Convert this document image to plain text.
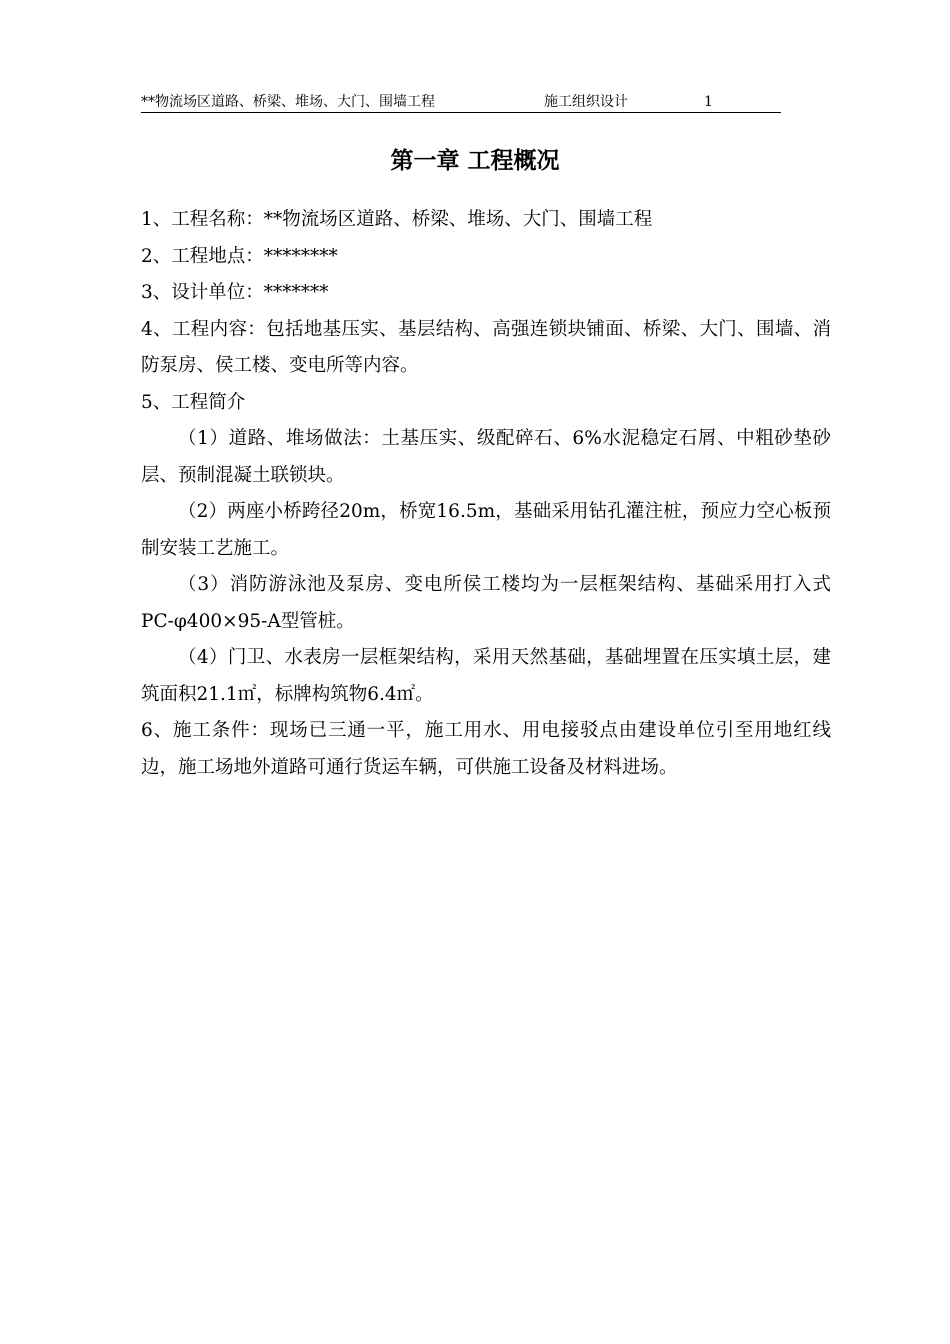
**物流场区道路、桥梁、堆场、大门、围墙工程	施工组织设计	1
第一章 工程概况

1、工程名称：**物流场区道路、桥梁、堆场、大门、围墙工程

2、工程地点：********

3、设计单位：*******

4、工程内容：包括地基压实、基层结构、高强连锁块铺面、桥梁、大门、围墙、消防泵房、侯工楼、变电所等内容。

5、工程简介

（1）道路、堆场做法：土基压实、级配碎石、6%水泥稳定石屑、中粗砂垫砂层、预制混凝土联锁块。

（2）两座小桥跨径20m，桥宽16.5m，基础采用钻孔灌注桩，预应力空心板预制安装工艺施工。

（3）消防游泳池及泵房、变电所侯工楼均为一层框架结构、基础采用打入式PC-φ400×95-A型管桩。

（4）门卫、水表房一层框架结构，采用天然基础，基础埋置在压实填土层，建筑面积21.1㎡，标牌构筑物6.4㎡。

6、施工条件：现场已三通一平，施工用水、用电接驳点由建设单位引至用地红线边，施工场地外道路可通行货运车辆，可供施工设备及材料进场。
